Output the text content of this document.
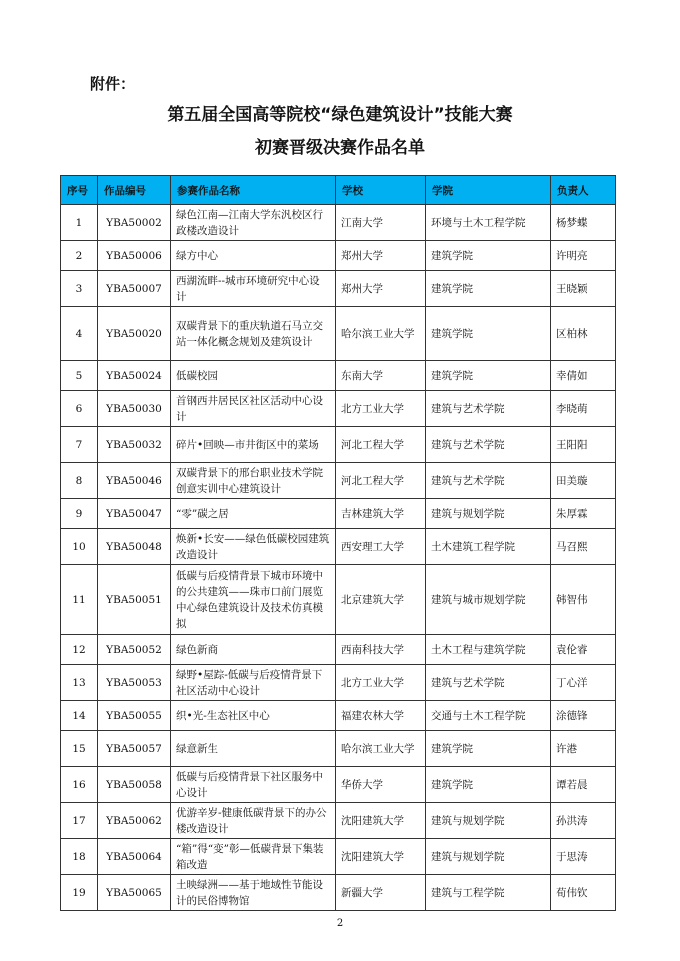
附件：
第五届全国高等院校“绿色建筑设计”技能大赛
初赛晋级决赛作品名单
序号	作品编号	参赛作品名称	学校	学院	负责人
1	YBA50002	绿色江南—江南大学东汎校区行政楼改造设计	江南大学	环境与土木工程学院	杨梦蝶
2	YBA50006	绿方中心	郑州大学	建筑学院	许明亮
3	YBA50007	西湖流畔--城市环境研究中心设计	郑州大学	建筑学院	王晓颖
4	YBA50020	双碳背景下的重庆轨道石马立交站一体化概念规划及建筑设计	哈尔滨工业大学	建筑学院	区柏林
5	YBA50024	低碳校园	东南大学	建筑学院	幸倩如
6	YBA50030	首钢西井居民区社区活动中心设计	北方工业大学	建筑与艺术学院	李晓萌
7	YBA50032	碎片•回映—市井街区中的菜场	河北工程大学	建筑与艺术学院	王阳阳
8	YBA50046	双碳背景下的邢台职业技术学院创意实训中心建筑设计	河北工程大学	建筑与艺术学院	田美璇
9	YBA50047	“零”碳之居	吉林建筑大学	建筑与规划学院	朱厚霖
10	YBA50048	焕新•长安——绿色低碳校园建筑改造设计	西安理工大学	土木建筑工程学院	马召熙
11	YBA50051	低碳与后疫情背景下城市环境中的公共建筑——珠市口前门展览中心绿色建筑设计及技术仿真模拟	北京建筑大学	建筑与城市规划学院	韩智伟
12	YBA50052	绿色新商	西南科技大学	土木工程与建筑学院	袁伦睿
13	YBA50053	绿野•屋踪-低碳与后疫情背景下社区活动中心设计	北方工业大学	建筑与艺术学院	丁心洋
14	YBA50055	织•光-生态社区中心	福建农林大学	交通与土木工程学院	涂德锋
15	YBA50057	绿意新生	哈尔滨工业大学	建筑学院	许港
16	YBA50058	低碳与后疫情背景下社区服务中心设计	华侨大学	建筑学院	谭若晨
17	YBA50062	优游辛岁-健康低碳背景下的办公楼改造设计	沈阳建筑大学	建筑与规划学院	孙洪涛
18	YBA50064	“箱”得“变”彰—低碳背景下集装箱改造	沈阳建筑大学	建筑与规划学院	于思涛
19	YBA50065	土映绿洲——基于地域性节能设计的民俗博物馆	新疆大学	建筑与工程学院	荀伟钦
2
